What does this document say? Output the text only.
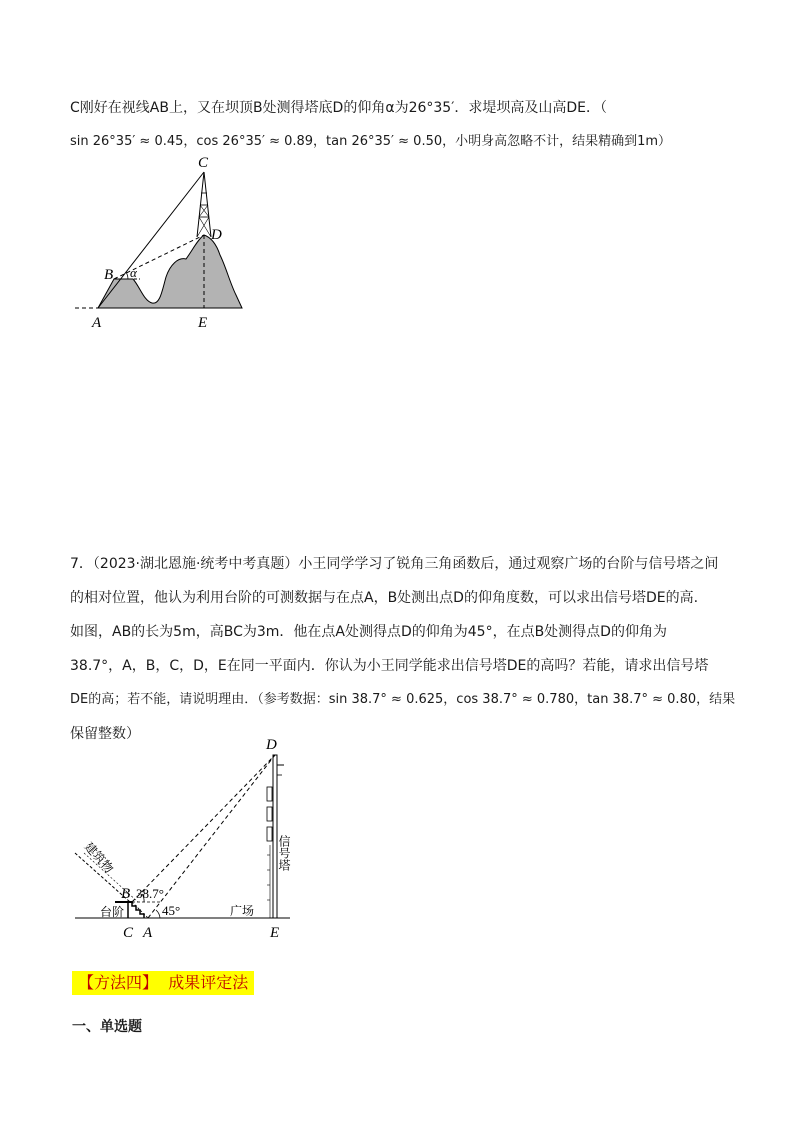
C刚好在视线AB上，又在坝顶B处测得塔底D的仰角α为26°35′．求堤坝高及山高DE．（
sin 26°35′ ≈ 0.45，cos 26°35′ ≈ 0.89，tan 26°35′ ≈ 0.50，小明身高忽略不计，结果精确到1m）
C
D
B α
A	E
7．（2023·湖北恩施·统考中考真题）小王同学学习了锐角三角函数后，通过观察广场的台阶与信号塔之间
的相对位置，他认为利用台阶的可测数据与在点A，B处测出点D的仰角度数，可以求出信号塔DE的高.
如图，AB的长为5m，高BC为3m．他在点A处测得点D的仰角为45°，在点B处测得点D的仰角为
38.7°，A，B，C，D，E在同一平面内．你认为小王同学能求出信号塔DE的高吗？若能，请求出信号塔
DE的高；若不能，请说明理由．（参考数据：sin 38.7° ≈ 0.625，cos 38.7° ≈ 0.780，tan 38.7° ≈ 0.80，结果
保留整数）
D
B 38.7°
45°
C A	E
台阶	广场
建筑物	信号塔
【方法四】 成果评定法
一、单选题
